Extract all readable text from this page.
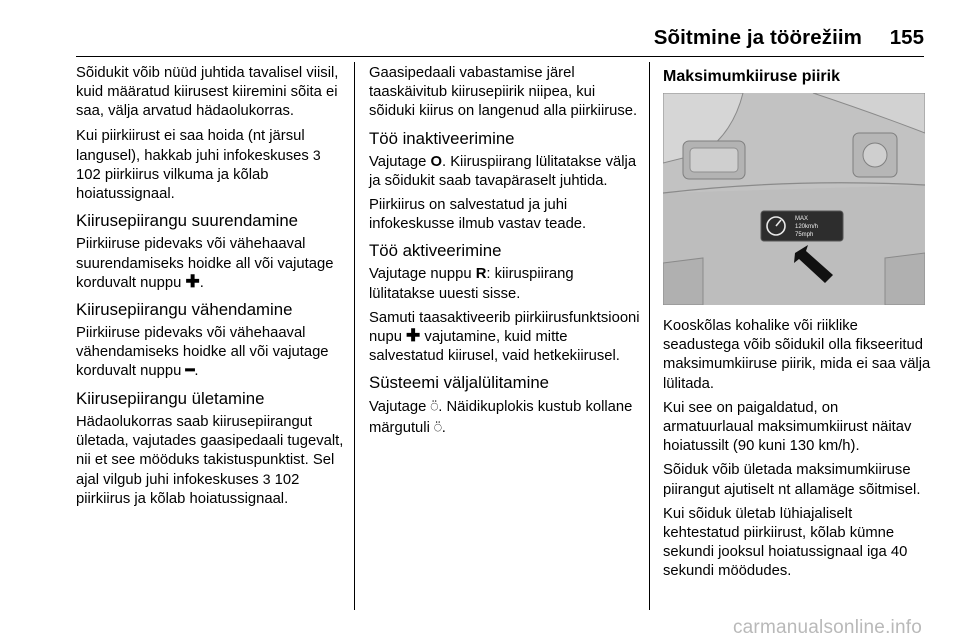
Sõitmine ja töörežiim 155

Sõidukit võib nüüd juhtida tavalisel viisil, kuid määratud kiirusest kiiremini sõita ei saa, välja arvatud hädaolukorras.

Kui piirkiirust ei saa hoida (nt järsul langusel), hakkab juhi infokeskuses 3 102 piirkiirus vilkuma ja kõlab hoiatussignaal.

Kiirusepiirangu suurendamine

Piirkiiruse pidevaks või vähehaaval suurendamiseks hoidke all või vajutage korduvalt nuppu ✚.

Kiirusepiirangu vähendamine

Piirkiiruse pidevaks või vähehaaval vähendamiseks hoidke all või vajutage korduvalt nuppu ━.

Kiirusepiirangu ületamine

Hädaolukorras saab kiirusepiirangut ületada, vajutades gaasipedaali tugevalt, nii et see mööduks takistuspunktist. Sel ajal vilgub juhi infokeskuses 3 102 piirkiirus ja kõlab hoiatussignaal.

Gaasipedaali vabastamise järel taaskäivitub kiirusepiirik niipea, kui sõiduki kiirus on langenud alla piirkiiruse.

Töö inaktiveerimine

Vajutage O. Kiiruspiirang lülitatakse välja ja sõidukit saab tavapäraselt juhtida.

Piirkiirus on salvestatud ja juhi infokeskusse ilmub vastav teade.

Töö aktiveerimine

Vajutage nuppu R: kiiruspiirang lülitatakse uuesti sisse.

Samuti taasaktiveerib piirkiirusfunktsiooni nupu ✚ vajutamine, kuid mitte salvestatud kiirusel, vaid hetkekiirusel.

Süsteemi väljalülitamine

Vajutage ⍥. Näidikuplokis kustub kollane märgutuli ⍥.

Maksimumkiiruse piirik
MAX
120km/h
75mph

Kooskõlas kohalike või riiklike seadustega võib sõidukil olla fikseeritud maksimumkiiruse piirik, mida ei saa välja lülitada.

Kui see on paigaldatud, on armatuurlaual maksimumkiirust näitav hoiatussilt (90 kuni 130 km/h).

Sõiduk võib ületada maksimumkiiruse piirangut ajutiselt nt allamäge sõitmisel.

Kui sõiduk ületab lühiajaliselt kehtestatud piirkiirust, kõlab kümne sekundi jooksul hoiatussignaal iga 40 sekundi möödudes.

carmanualsonline.info
